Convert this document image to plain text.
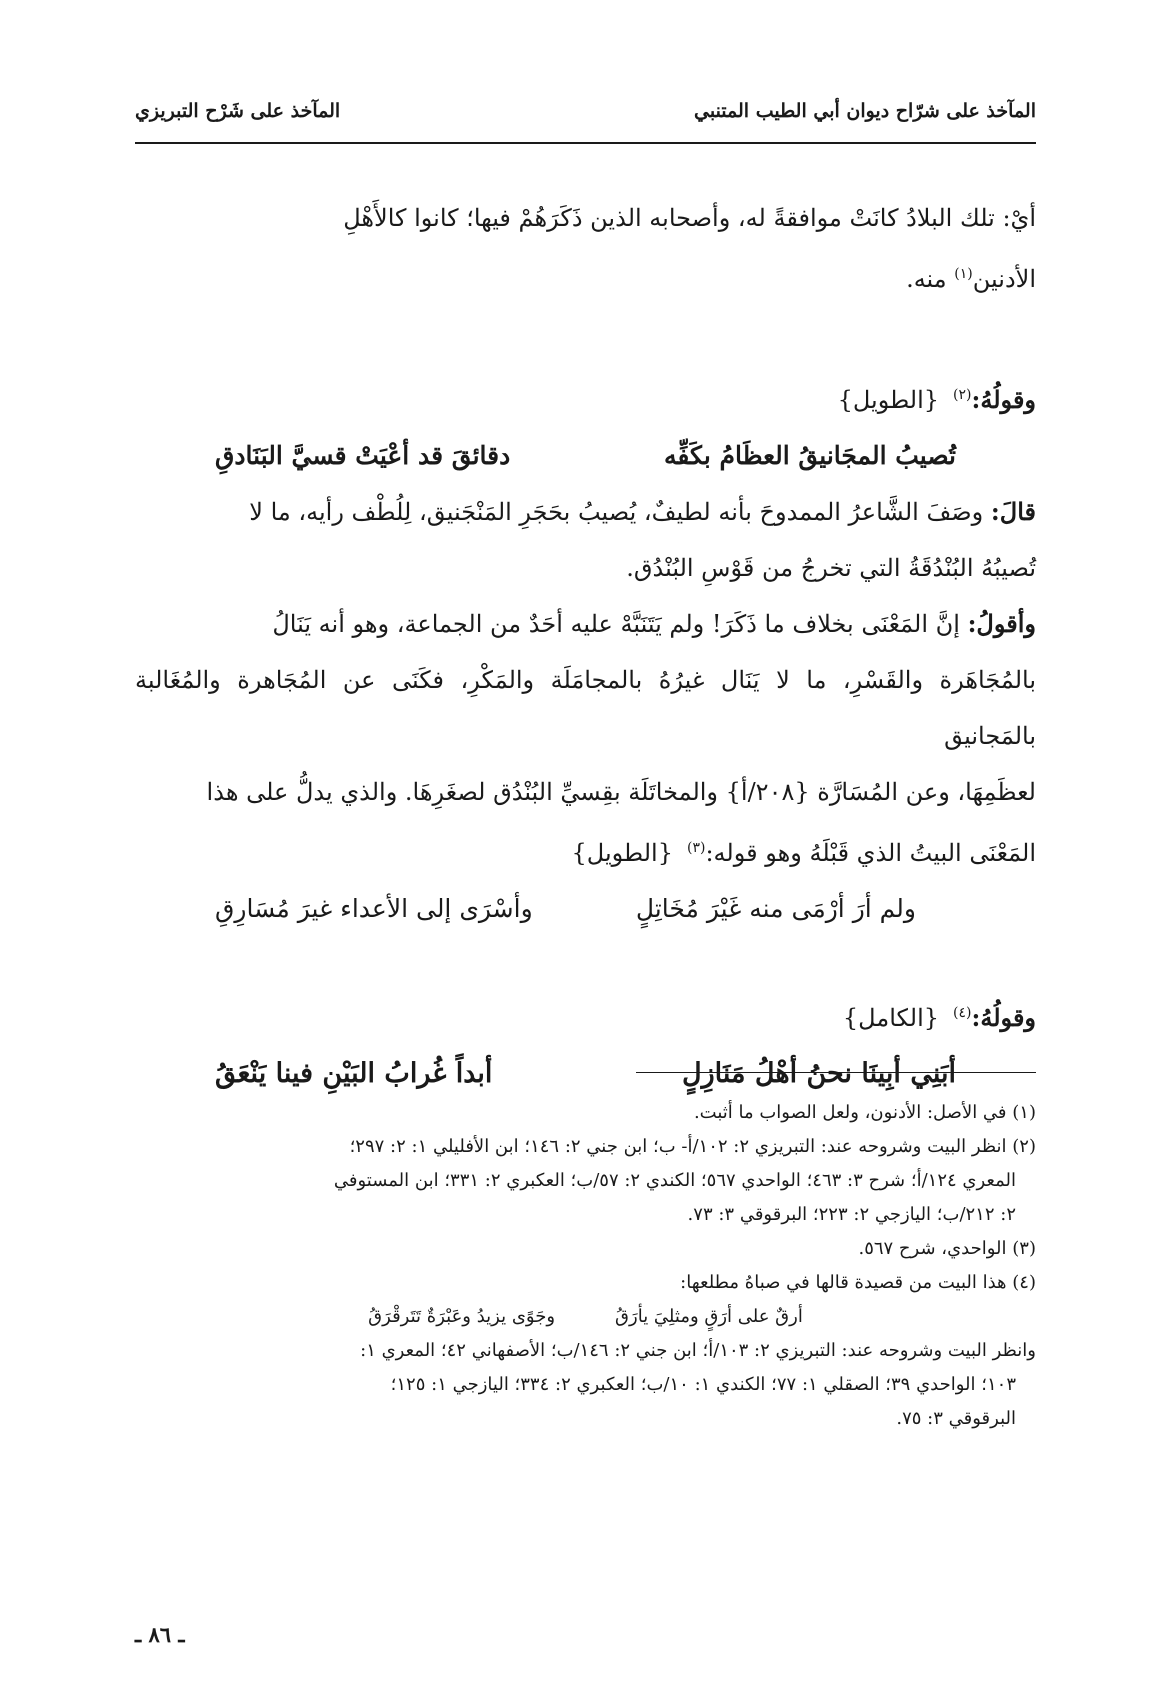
المآخذ على شرّاح ديوان أبي الطيب المتنبي
المآخذ على شَرْح التبريزي

أيْ: تلك البلادُ كانَتْ موافقةً له، وأصحابه الذين ذَكَرَهُمْ فيها؛ كانوا كالأَهْلِ

الأدنين$^{(١)}$ منه.

وقولُهُ:$^{(٢)}${الطويل}

تُصيبُ المجَانيقُ العظَامُ بكَفِّه
دقائقَ قد أعْيَتْ قسيَّ البَنَادقِ

قالَ: وصَفَ الشَّاعرُ الممدوحَ بأنه لطيفٌ، يُصيبُ بحَجَرِ المَنْجَنيق، لِلُطْف رأيه، ما لا

تُصيبُهُ البُنْدُقَةُ التي تخرجُ من قَوْسِ البُنْدُق.

وأقولُ: إنَّ المَعْنَى بخلاف ما ذَكَرَ! ولم يَتَنَبَّهْ عليه أحَدٌ من الجماعة، وهو أنه يَنَالُ

بالمُجَاهَرة والقَسْرِ، ما لا يَنَال غيرُهُ بالمجامَلَة والمَكْرِ، فكَنَى عن المُجَاهرة والمُغَالبة بالمَجانيق

لعظَمِهَا، وعن المُسَارَّة {٢٠٨/أ} والمخاتَلَة بقِسيِّ البُنْدُق لصغَرِهَا. والذي يدلُّ على هذا

المَعْنَى البيتُ الذي قَبْلَهُ وهو قوله:$^{(٣)}${الطويل}

ولم أرَ أرْمَى منه غَيْرَ مُخَاتِلٍ
وأسْرَى إلى الأعداء غيرَ مُسَارِقِ

وقولُهُ:$^{(٤)}${الكامل}

أبَنِي أبِينَا نحنُ أهْلُ مَنَازِلٍ
أبداً غُرابُ البَيْنِ فينا يَنْعَقُ

(١) في الأصل: الأدنون، ولعل الصواب ما أثبت.

(٢) انظر البيت وشروحه عند: التبريزي ٢: ١٠٢/أ- ب؛ ابن جني ٢: ١٤٦؛ ابن الأفليلي ١: ٢: ٢٩٧؛

المعري ١٢٤/أ؛ شرح ٣: ٤٦٣؛ الواحدي ٥٦٧؛ الكندي ٢: ٥٧/ب؛ العكبري ٢: ٣٣١؛ ابن المستوفي

٢: ٢١٢/ب؛ اليازجي ٢: ٢٢٣؛ البرقوقي ٣: ٧٣.

(٣) الواحدي، شرح ٥٦٧.

(٤) هذا البيت من قصيدة قالها في صباهُ مطلعها:

أرقٌ على أرَقٍ ومثلِيَ يأرَقُ
وجَوًى يزيدُ وعَبْرَةٌ تَتَرقْرَقُ

وانظر البيت وشروحه عند: التبريزي ٢: ١٠٣/أ؛ ابن جني ٢: ١٤٦/ب؛ الأصفهاني ٤٢؛ المعري ١:

١٠٣؛ الواحدي ٣٩؛ الصقلي ١: ٧٧؛ الكندي ١: ١٠/ب؛ العكبري ٢: ٣٣٤؛ اليازجي ١: ١٢٥؛

البرقوقي ٣: ٧٥.

ـ ٨٦ ـ
